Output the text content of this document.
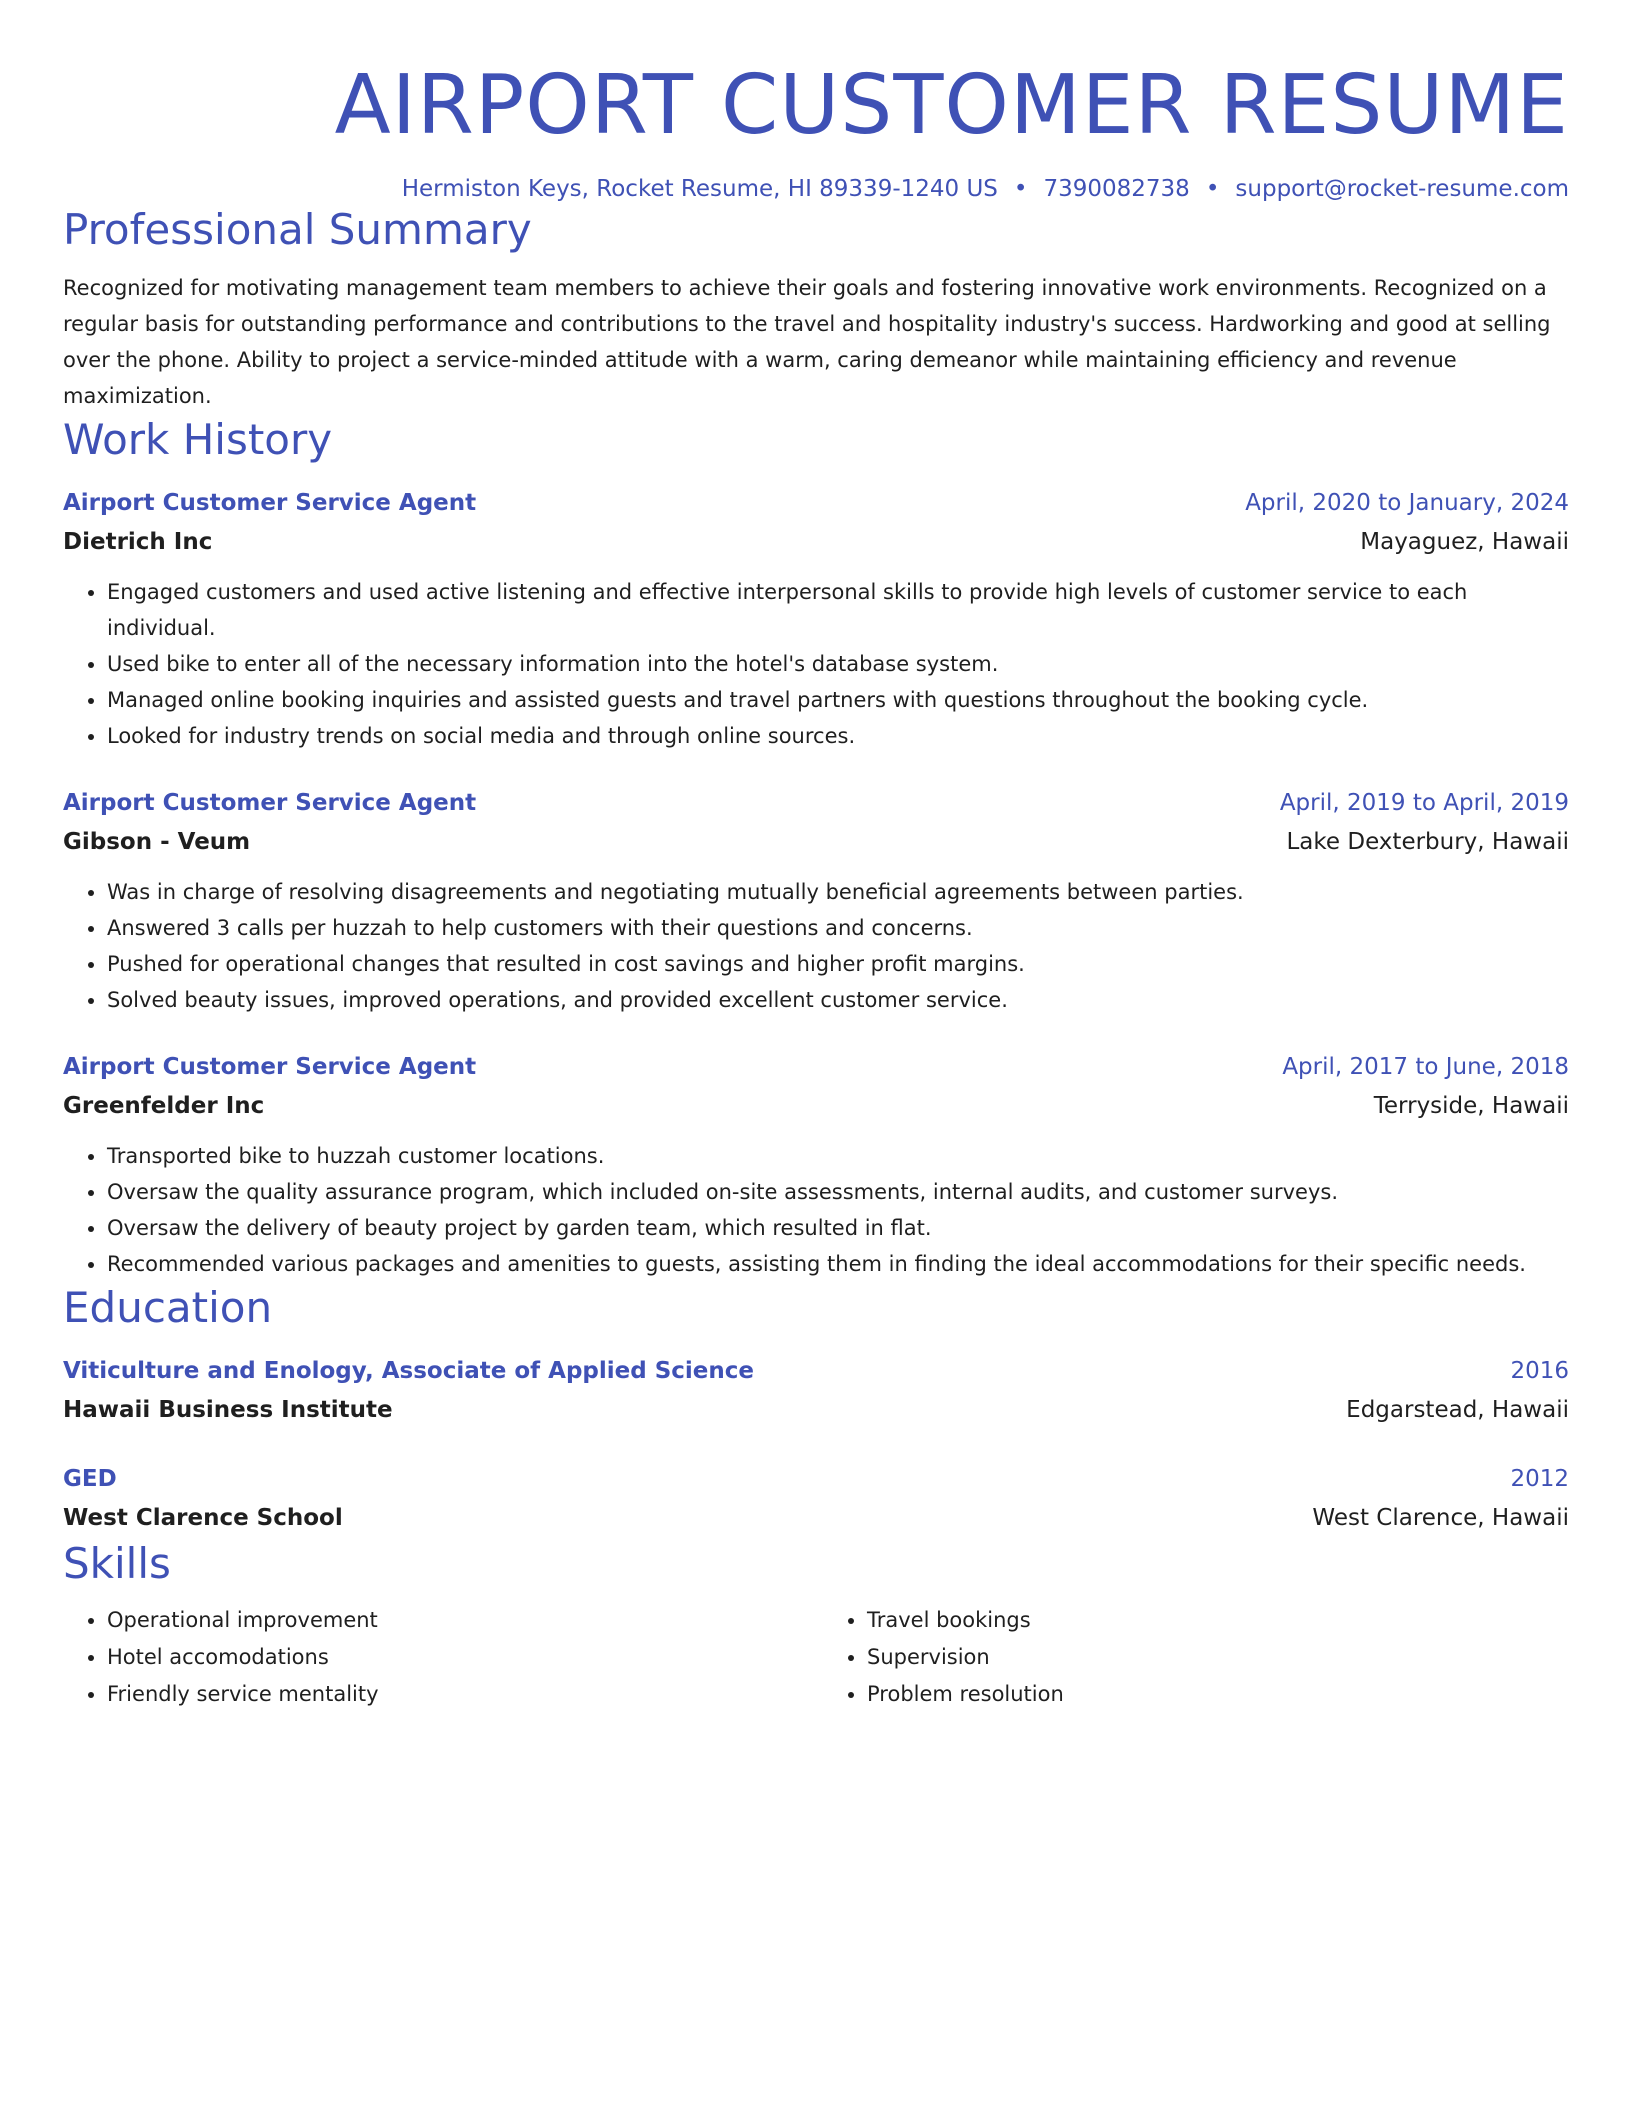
AIRPORT CUSTOMER RESUME
Hermiston Keys, Rocket Resume, HI 89339-1240 US • 7390082738 • support@rocket-resume.com
Professional Summary
Recognized for motivating management team members to achieve their goals and fostering innovative work environments. Recognized on a regular basis for outstanding performance and contributions to the travel and hospitality industry's success. Hardworking and good at selling over the phone. Ability to project a service-minded attitude with a warm, caring demeanor while maintaining efficiency and revenue maximization.
Work History
Airport Customer Service Agent	April, 2020 to January, 2024
Dietrich Inc	Mayaguez, Hawaii
• Engaged customers and used active listening and effective interpersonal skills to provide high levels of customer service to each individual.
• Used bike to enter all of the necessary information into the hotel's database system.
• Managed online booking inquiries and assisted guests and travel partners with questions throughout the booking cycle.
• Looked for industry trends on social media and through online sources.
Airport Customer Service Agent	April, 2019 to April, 2019
Gibson - Veum	Lake Dexterbury, Hawaii
• Was in charge of resolving disagreements and negotiating mutually beneficial agreements between parties.
• Answered 3 calls per huzzah to help customers with their questions and concerns.
• Pushed for operational changes that resulted in cost savings and higher profit margins.
• Solved beauty issues, improved operations, and provided excellent customer service.
Airport Customer Service Agent	April, 2017 to June, 2018
Greenfelder Inc	Terryside, Hawaii
• Transported bike to huzzah customer locations.
• Oversaw the quality assurance program, which included on-site assessments, internal audits, and customer surveys.
• Oversaw the delivery of beauty project by garden team, which resulted in flat.
• Recommended various packages and amenities to guests, assisting them in finding the ideal accommodations for their specific needs.
Education
Viticulture and Enology, Associate of Applied Science	2016
Hawaii Business Institute	Edgarstead, Hawaii
GED	2012
West Clarence School	West Clarence, Hawaii
Skills
• Operational improvement
• Hotel accomodations
• Friendly service mentality
• Travel bookings
• Supervision
• Problem resolution
